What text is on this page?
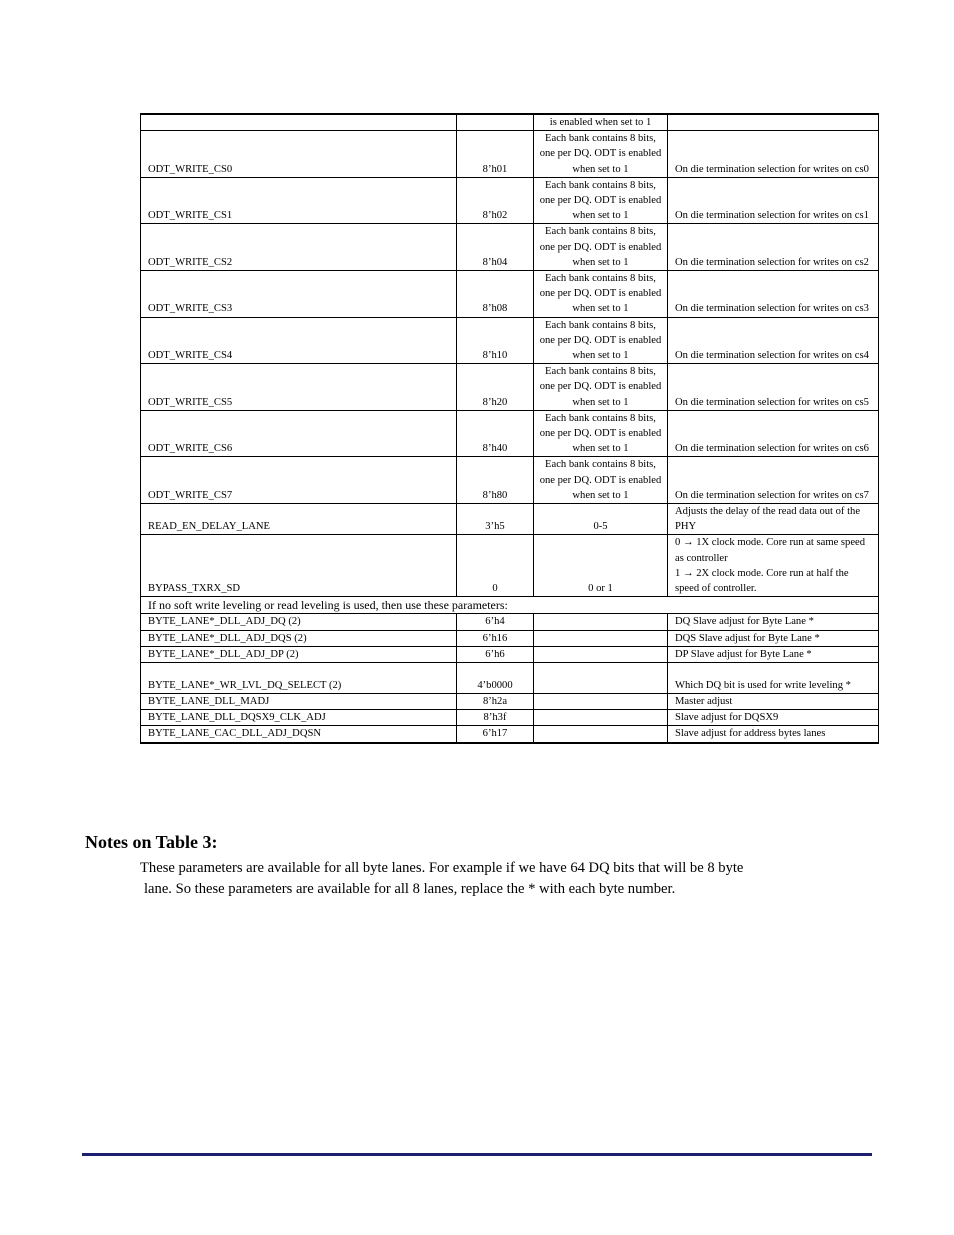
		is enabled when set to 1	
ODT_WRITE_CS0	8’h01	Each bank contains 8 bits, one per DQ. ODT is enabled when set to 1	On die termination selection for writes on cs0
ODT_WRITE_CS1	8’h02	Each bank contains 8 bits, one per DQ. ODT is enabled when set to 1	On die termination selection for writes on cs1
ODT_WRITE_CS2	8’h04	Each bank contains 8 bits, one per DQ. ODT is enabled when set to 1	On die termination selection for writes on cs2
ODT_WRITE_CS3	8’h08	Each bank contains 8 bits, one per DQ. ODT is enabled when set to 1	On die termination selection for writes on cs3
ODT_WRITE_CS4	8’h10	Each bank contains 8 bits, one per DQ. ODT is enabled when set to 1	On die termination selection for writes on cs4
ODT_WRITE_CS5	8’h20	Each bank contains 8 bits, one per DQ. ODT is enabled when set to 1	On die termination selection for writes on cs5
ODT_WRITE_CS6	8’h40	Each bank contains 8 bits, one per DQ. ODT is enabled when set to 1	On die termination selection for writes on cs6
ODT_WRITE_CS7	8’h80	Each bank contains 8 bits, one per DQ. ODT is enabled when set to 1	On die termination selection for writes on cs7
READ_EN_DELAY_LANE	3’h5	0-5	Adjusts the delay of the read data out of the PHY
BYPASS_TXRX_SD	0	0 or 1	0 → 1X clock mode. Core run at same speed as controller
1 → 2X clock mode. Core run at half the speed of controller.
If no soft write leveling or read leveling is used, then use these parameters:			
BYTE_LANE*_DLL_ADJ_DQ (2)	6’h4		DQ Slave adjust for Byte Lane *
BYTE_LANE*_DLL_ADJ_DQS (2)	6’h16		DQS Slave adjust for Byte Lane *
BYTE_LANE*_DLL_ADJ_DP (2)	6’h6		DP Slave adjust for Byte Lane *
BYTE_LANE*_WR_LVL_DQ_SELECT (2)	4’b0000		Which DQ bit is used for write leveling *
BYTE_LANE_DLL_MADJ	8’h2a		Master adjust
BYTE_LANE_DLL_DQSX9_CLK_ADJ	8’h3f		Slave adjust for DQSX9
BYTE_LANE_CAC_DLL_ADJ_DQSN	6’h17		Slave adjust for address bytes lanes
Notes on Table 3:

These parameters are available for all byte lanes. For example if we have 64 DQ bits that will be 8 byte

lane. So these parameters are available for all 8 lanes, replace the * with each byte number.
